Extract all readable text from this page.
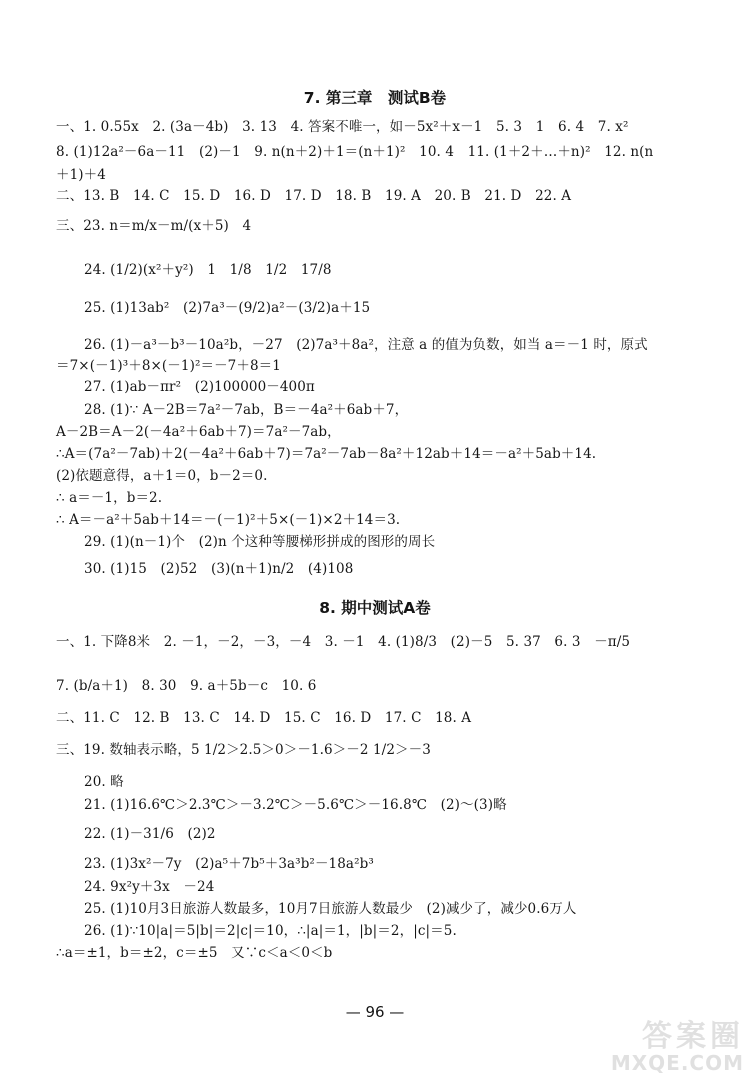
7. 第三章　测试B卷
一、1. 0.55x　2. (3a－4b)　3. 13　4. 答案不唯一，如－5x²＋x－1　5. 3　1　6. 4　7. x²
8. (1)12a²－6a－11　(2)－1　9. n(n＋2)＋1＝(n＋1)²　10. 4　11. (1＋2＋…＋n)²　12. n(n
＋1)＋4
二、13. B　14. C　15. D　16. D　17. D　18. B　19. A　20. B　21. D　22. A
三、23. n＝m/x－m/(x＋5)　4
24. (1/2)(x²＋y²)　1　1/8　1/2　17/8
25. (1)13ab²　(2)7a³－(9/2)a²－(3/2)a＋15
26. (1)－a³－b³－10a²b，－27　(2)7a³＋8a²，注意 a 的值为负数，如当 a＝－1 时，原式
＝7×(－1)³＋8×(－1)²＝－7＋8＝1
27. (1)ab－πr²　(2)100000－400π
28. (1)∵ A－2B＝7a²－7ab，B＝－4a²＋6ab＋7，
A－2B＝A－2(－4a²＋6ab＋7)＝7a²－7ab，
∴A＝(7a²－7ab)＋2(－4a²＋6ab＋7)＝7a²－7ab－8a²＋12ab＋14＝－a²＋5ab＋14.
(2)依题意得，a＋1＝0，b－2＝0.
∴ a＝－1，b＝2.
∴ A＝－a²＋5ab＋14＝－(－1)²＋5×(－1)×2＋14＝3.
29. (1)(n－1)个　(2)n 个这种等腰梯形拼成的图形的周长
30. (1)15　(2)52　(3)(n＋1)n/2　(4)108
8. 期中测试A卷
一、1. 下降8米　2. －1，－2，－3，－4　3. －1　4. (1)8/3　(2)－5　5. 37　6. 3　－π/5
7. (b/a＋1)　8. 30　9. a＋5b－c　10. 6
二、11. C　12. B　13. C　14. D　15. C　16. D　17. C　18. A
三、19. 数轴表示略，5 1/2＞2.5＞0＞－1.6＞－2 1/2＞－3
20. 略
21. (1)16.6℃＞2.3℃＞－3.2℃＞－5.6℃＞－16.8℃　(2)～(3)略
22. (1)－31/6　(2)2
23. (1)3x²－7y　(2)a⁵＋7b⁵＋3a³b²－18a²b³
24. 9x²y＋3x　－24
25. (1)10月3日旅游人数最多，10月7日旅游人数最少　(2)减少了，减少0.6万人
26. (1)∵10|a|＝5|b|＝2|c|＝10，∴|a|＝1，|b|＝2，|c|＝5.
∴a＝±1，b＝±2，c＝±5　又∵c＜a＜0＜b
— 96 —
答案圈
MXQE.COM
